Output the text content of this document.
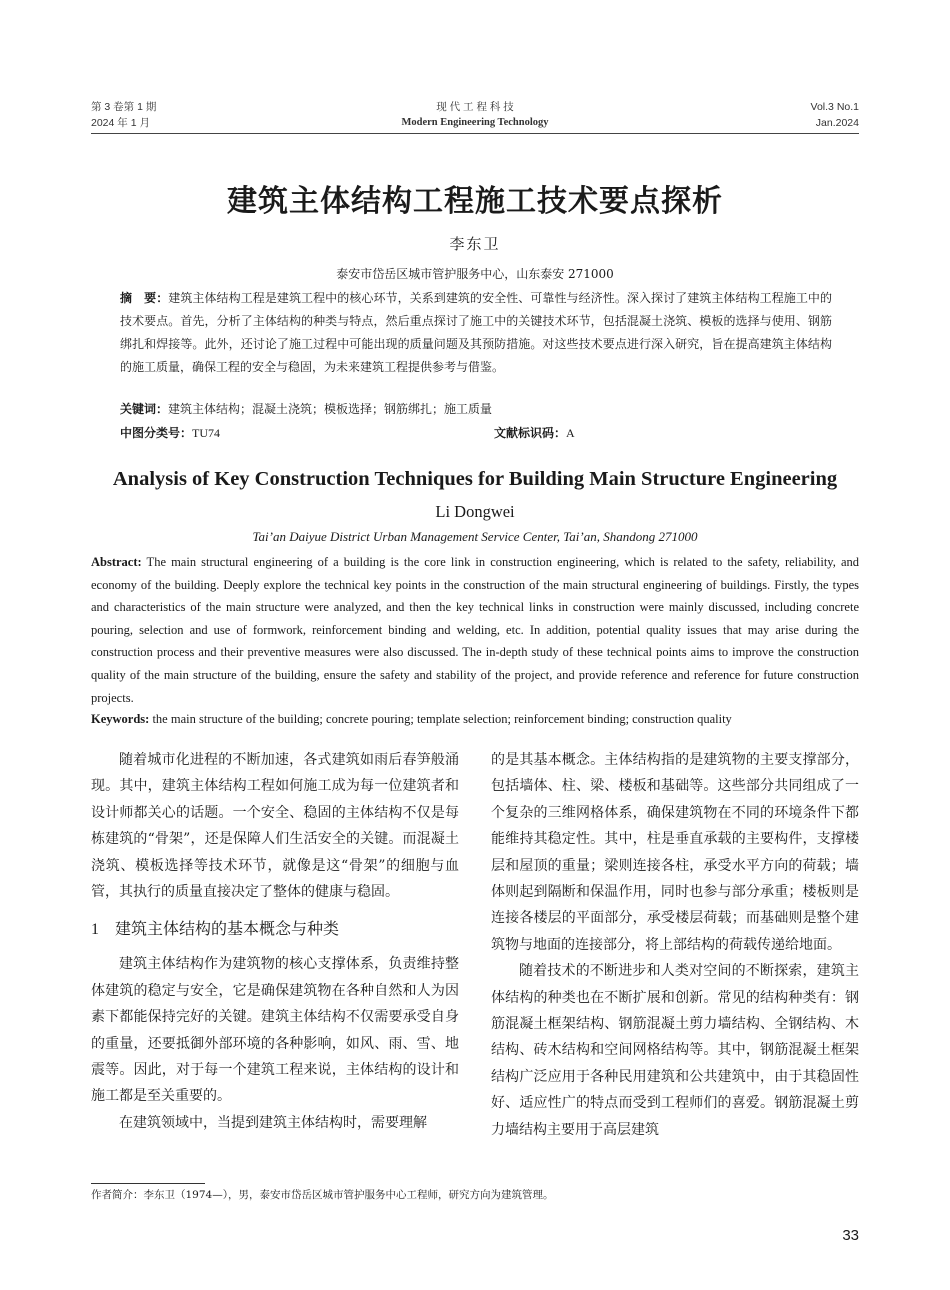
第 3 卷第 1 期
2024 年 1 月
现 代 工 程 科 技
Modern Engineering Technology
Vol.3 No.1
Jan.2024
建筑主体结构工程施工技术要点探析
李东卫
泰安市岱岳区城市管护服务中心，山东泰安 271000
摘　要：建筑主体结构工程是建筑工程中的核心环节，关系到建筑的安全性、可靠性与经济性。深入探讨了建筑主体结构工程施工中的技术要点。首先，分析了主体结构的种类与特点，然后重点探讨了施工中的关键技术环节，包括混凝土浇筑、模板的选择与使用、钢筋绑扎和焊接等。此外，还讨论了施工过程中可能出现的质量问题及其预防措施。对这些技术要点进行深入研究，旨在提高建筑主体结构的施工质量，确保工程的安全与稳固，为未来建筑工程提供参考与借鉴。
关键词：建筑主体结构；混凝土浇筑；模板选择；钢筋绑扎；施工质量
中图分类号：TU74	文献标识码：A
Analysis of Key Construction Techniques for Building Main Structure Engineering
Li Dongwei
Tai’an Daiyue District Urban Management Service Center, Tai’an, Shandong 271000
Abstract: The main structural engineering of a building is the core link in construction engineering, which is related to the safety, reliability, and economy of the building. Deeply explore the technical key points in the construction of the main structural engineering of buildings. Firstly, the types and characteristics of the main structure were analyzed, and then the key technical links in construction were mainly discussed, including concrete pouring, selection and use of formwork, reinforcement binding and welding, etc. In addition, potential quality issues that may arise during the construction process and their preventive measures were also discussed. The in-depth study of these technical points aims to improve the construction quality of the main structure of the building, ensure the safety and stability of the project, and provide reference and reference for future construction projects.
Keywords: the main structure of the building; concrete pouring; template selection; reinforcement binding; construction quality

随着城市化进程的不断加速，各式建筑如雨后春笋般涌现。其中，建筑主体结构工程如何施工成为每一位建筑者和设计师都关心的话题。一个安全、稳固的主体结构不仅是每栋建筑的“骨架”，还是保障人们生活安全的关键。而混凝土浇筑、模板选择等技术环节，就像是这“骨架”的细胞与血管，其执行的质量直接决定了整体的健康与稳固。

1 建筑主体结构的基本概念与种类

建筑主体结构作为建筑物的核心支撑体系，负责维持整体建筑的稳定与安全，它是确保建筑物在各种自然和人为因素下都能保持完好的关键。建筑主体结构不仅需要承受自身的重量，还要抵御外部环境的各种影响，如风、雨、雪、地震等。因此，对于每一个建筑工程来说，主体结构的设计和施工都是至关重要的。

在建筑领域中，当提到建筑主体结构时，需要理解

的是其基本概念。主体结构指的是建筑物的主要支撑部分，包括墙体、柱、梁、楼板和基础等。这些部分共同组成了一个复杂的三维网格体系，确保建筑物在不同的环境条件下都能维持其稳定性。其中，柱是垂直承载的主要构件，支撑楼层和屋顶的重量；梁则连接各柱，承受水平方向的荷载；墙体则起到隔断和保温作用，同时也参与部分承重；楼板则是连接各楼层的平面部分，承受楼层荷载；而基础则是整个建筑物与地面的连接部分，将上部结构的荷载传递给地面。

随着技术的不断进步和人类对空间的不断探索，建筑主体结构的种类也在不断扩展和创新。常见的结构种类有：钢筋混凝土框架结构、钢筋混凝土剪力墙结构、全钢结构、木结构、砖木结构和空间网格结构等。其中，钢筋混凝土框架结构广泛应用于各种民用建筑和公共建筑中，由于其稳固性好、适应性广的特点而受到工程师们的喜爱。钢筋混凝土剪力墙结构主要用于高层建筑

作者简介：李东卫（1974—），男，泰安市岱岳区城市管护服务中心工程师，研究方向为建筑管理。
33
